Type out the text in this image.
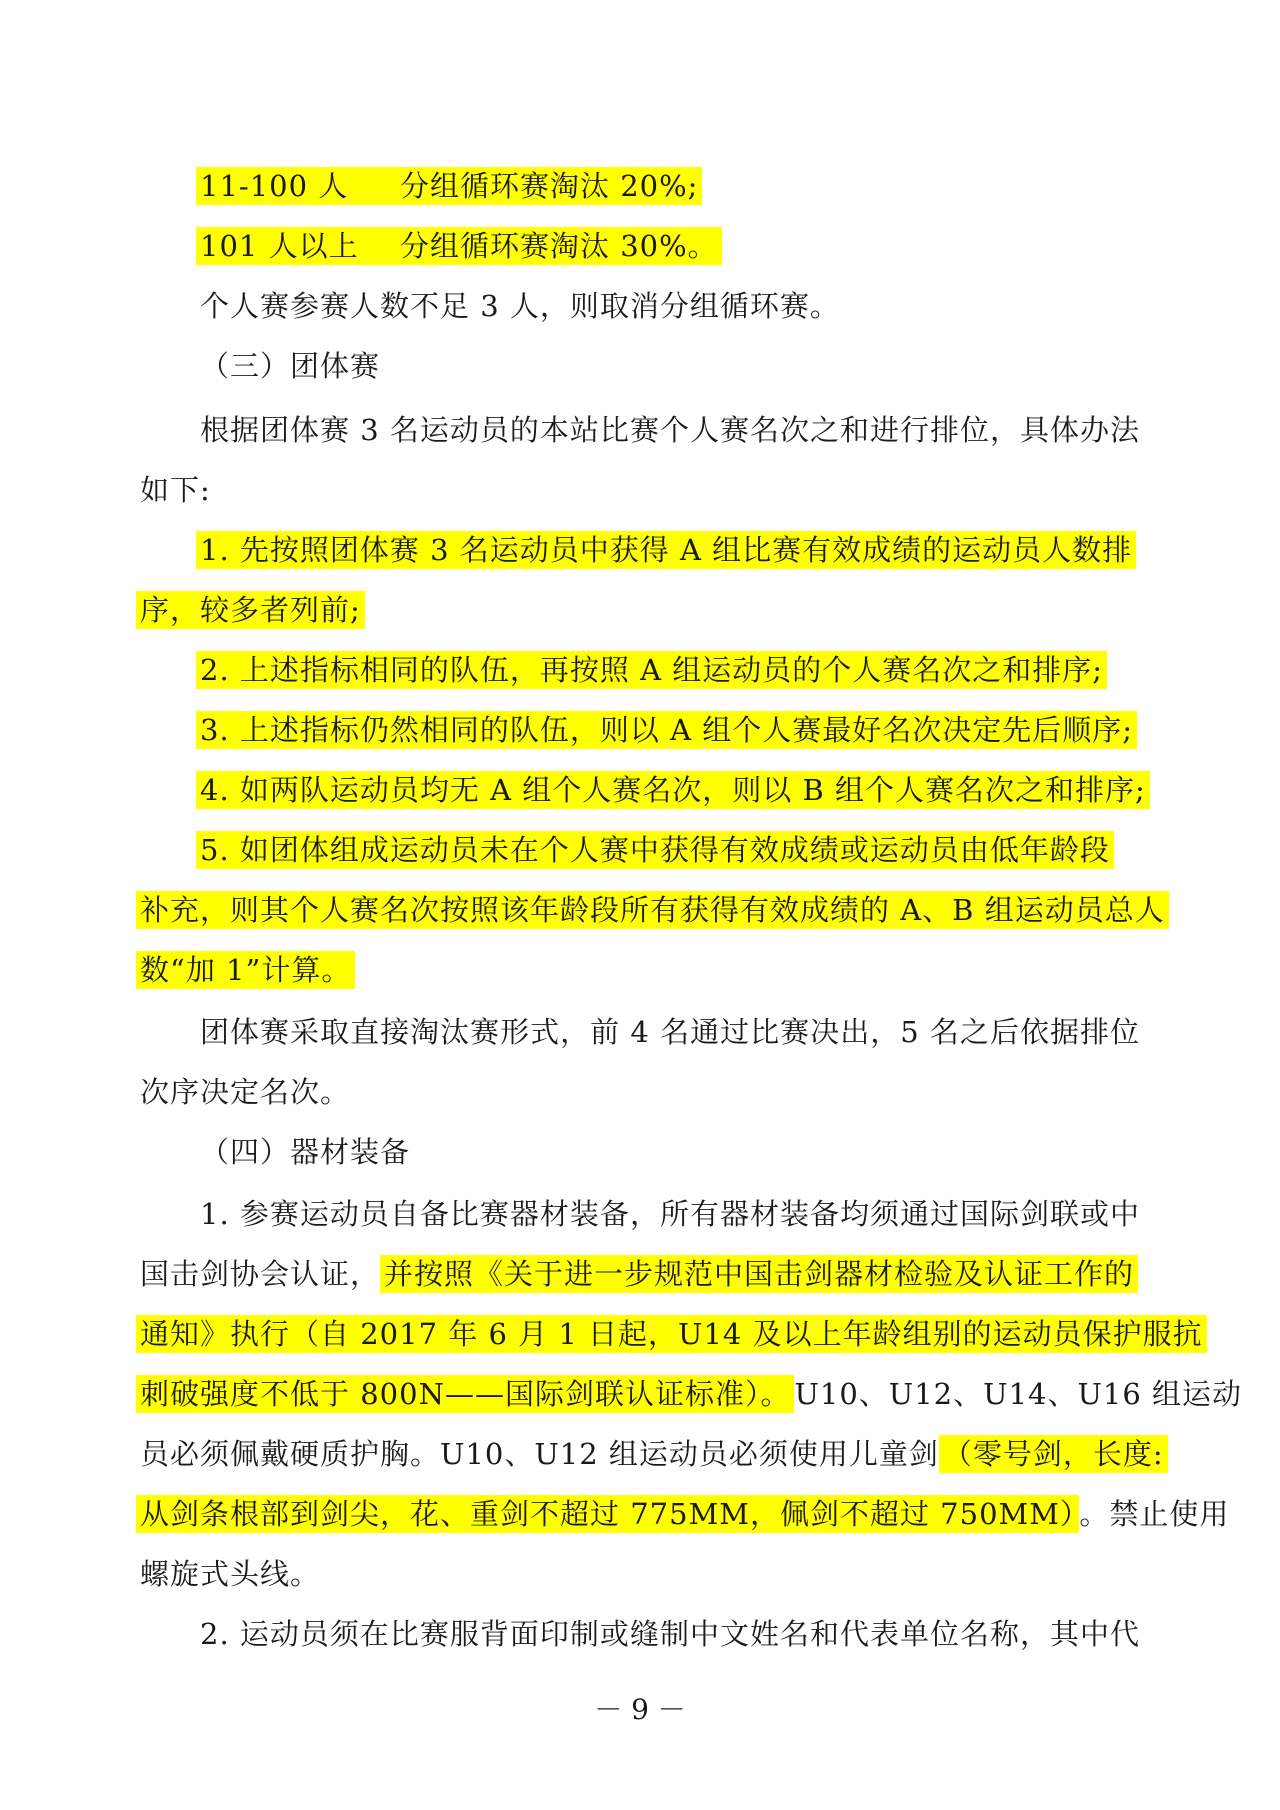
11-100 人 分组循环赛淘汰 20%;
101 人以上 分组循环赛淘汰 30%。
个人赛参赛人数不足 3 人，则取消分组循环赛。
（三）团体赛
根据团体赛 3 名运动员的本站比赛个人赛名次之和进行排位，具体办法
如下:
1. 先按照团体赛 3 名运动员中获得 A 组比赛有效成绩的运动员人数排
序，较多者列前;
2. 上述指标相同的队伍，再按照 A 组运动员的个人赛名次之和排序;
3. 上述指标仍然相同的队伍，则以 A 组个人赛最好名次决定先后顺序;
4. 如两队运动员均无 A 组个人赛名次，则以 B 组个人赛名次之和排序;
5. 如团体组成运动员未在个人赛中获得有效成绩或运动员由低年龄段
补充，则其个人赛名次按照该年龄段所有获得有效成绩的 A、B 组运动员总人
数“加 1”计算。
团体赛采取直接淘汰赛形式，前 4 名通过比赛决出，5 名之后依据排位
次序决定名次。
（四）器材装备
1. 参赛运动员自备比赛器材装备，所有器材装备均须通过国际剑联或中
国击剑协会认证， 并按照《关于进一步规范中国击剑器材检验及认证工作的
通知》执行（自 2017 年 6 月 1 日起，U14 及以上年龄组别的运动员保护服抗
刺破强度不低于 800N——国际剑联认证标准）。 U10、U12、U14、U16 组运动
员必须佩戴硬质护胸。U10、U12 组运动员必须使用儿童剑 （零号剑，长度:
从剑条根部到剑尖，花、重剑不超过 775MM，佩剑不超过 750MM） 。禁止使用
螺旋式头线。
2. 运动员须在比赛服背面印制或缝制中文姓名和代表单位名称，其中代
－ 9 －
